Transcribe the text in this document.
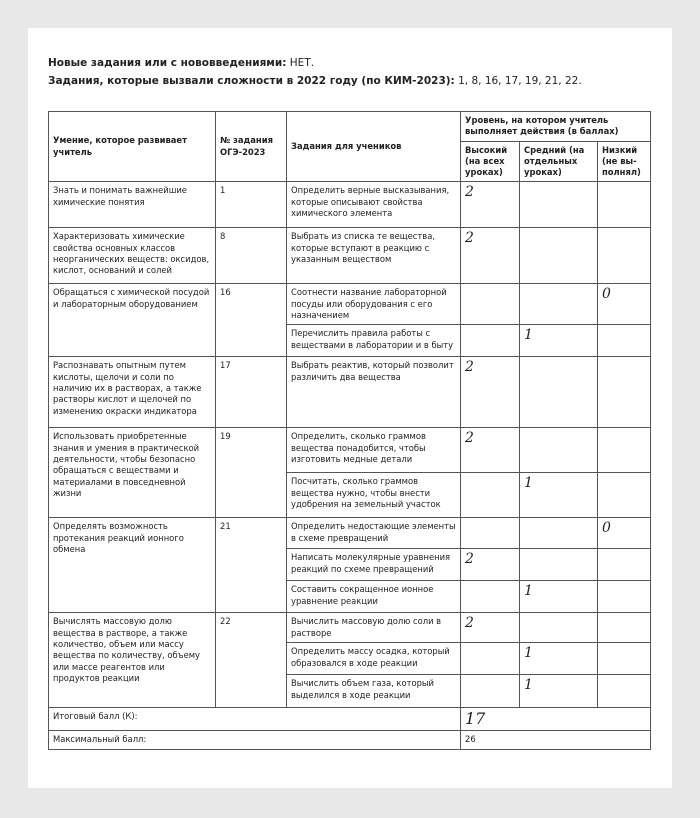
Новые задания или с нововведениями: НЕТ.
Задания, которые вызвали сложности в 2022 году (по КИМ-2023): 1, 8, 16, 17, 19, 21, 22.
Умение, которое развивает учитель	№ задания ОГЭ-2023	Задания для учеников	Уровень, на котором учитель выполняет действия (в баллах)		
			Высокий (на всех уроках)	Средний (на отдельных уроках)	Низкий (не вы-полнял)
Знать и понимать важнейшие химические понятия	1	Определить верные высказывания, которые описывают свойства химического элемента	2		
Характеризовать химические свойства основных классов неорганических веществ: оксидов, кислот, оснований и солей	8	Выбрать из списка те вещества, которые вступают в реакцию с указанным веществом	2		
Обращаться с химической посудой и лабораторным оборудованием	16	Соотнести название лабораторной посуды или оборудования с его назначением			0
		Перечислить правила работы с веществами в лаборатории и в быту		1	
Распознавать опытным путем кислоты, щелочи и соли по наличию их в растворах, а также растворы кислот и щелочей по изменению окраски индикатора	17	Выбрать реактив, который позволит различить два вещества	2		
Использовать приобретенные знания и умения в практической деятельности, чтобы безопасно обращаться с веществами и материалами в повседневной жизни	19	Определить, сколько граммов вещества понадобится, чтобы изготовить медные детали	2		
		Посчитать, сколько граммов вещества нужно, чтобы внести удобрения на земельный участок		1	
Определять возможность протекания реакций ионного обмена	21	Определить недостающие элементы в схеме превращений			0
		Написать молекулярные уравнения реакций по схеме превращений	2		
		Составить сокращенное ионное уравнение реакции		1	
Вычислять массовую долю вещества в растворе, а также количество, объем или массу вещества по количеству, объему или массе реагентов или продуктов реакции	22	Вычислить массовую долю соли в растворе	2		
		Определить массу осадка, который образовался в ходе реакции		1	
		Вычислить объем газа, который выделился в ходе реакции		1	
Итоговый балл (К):			17		
Максимальный балл:			26		
